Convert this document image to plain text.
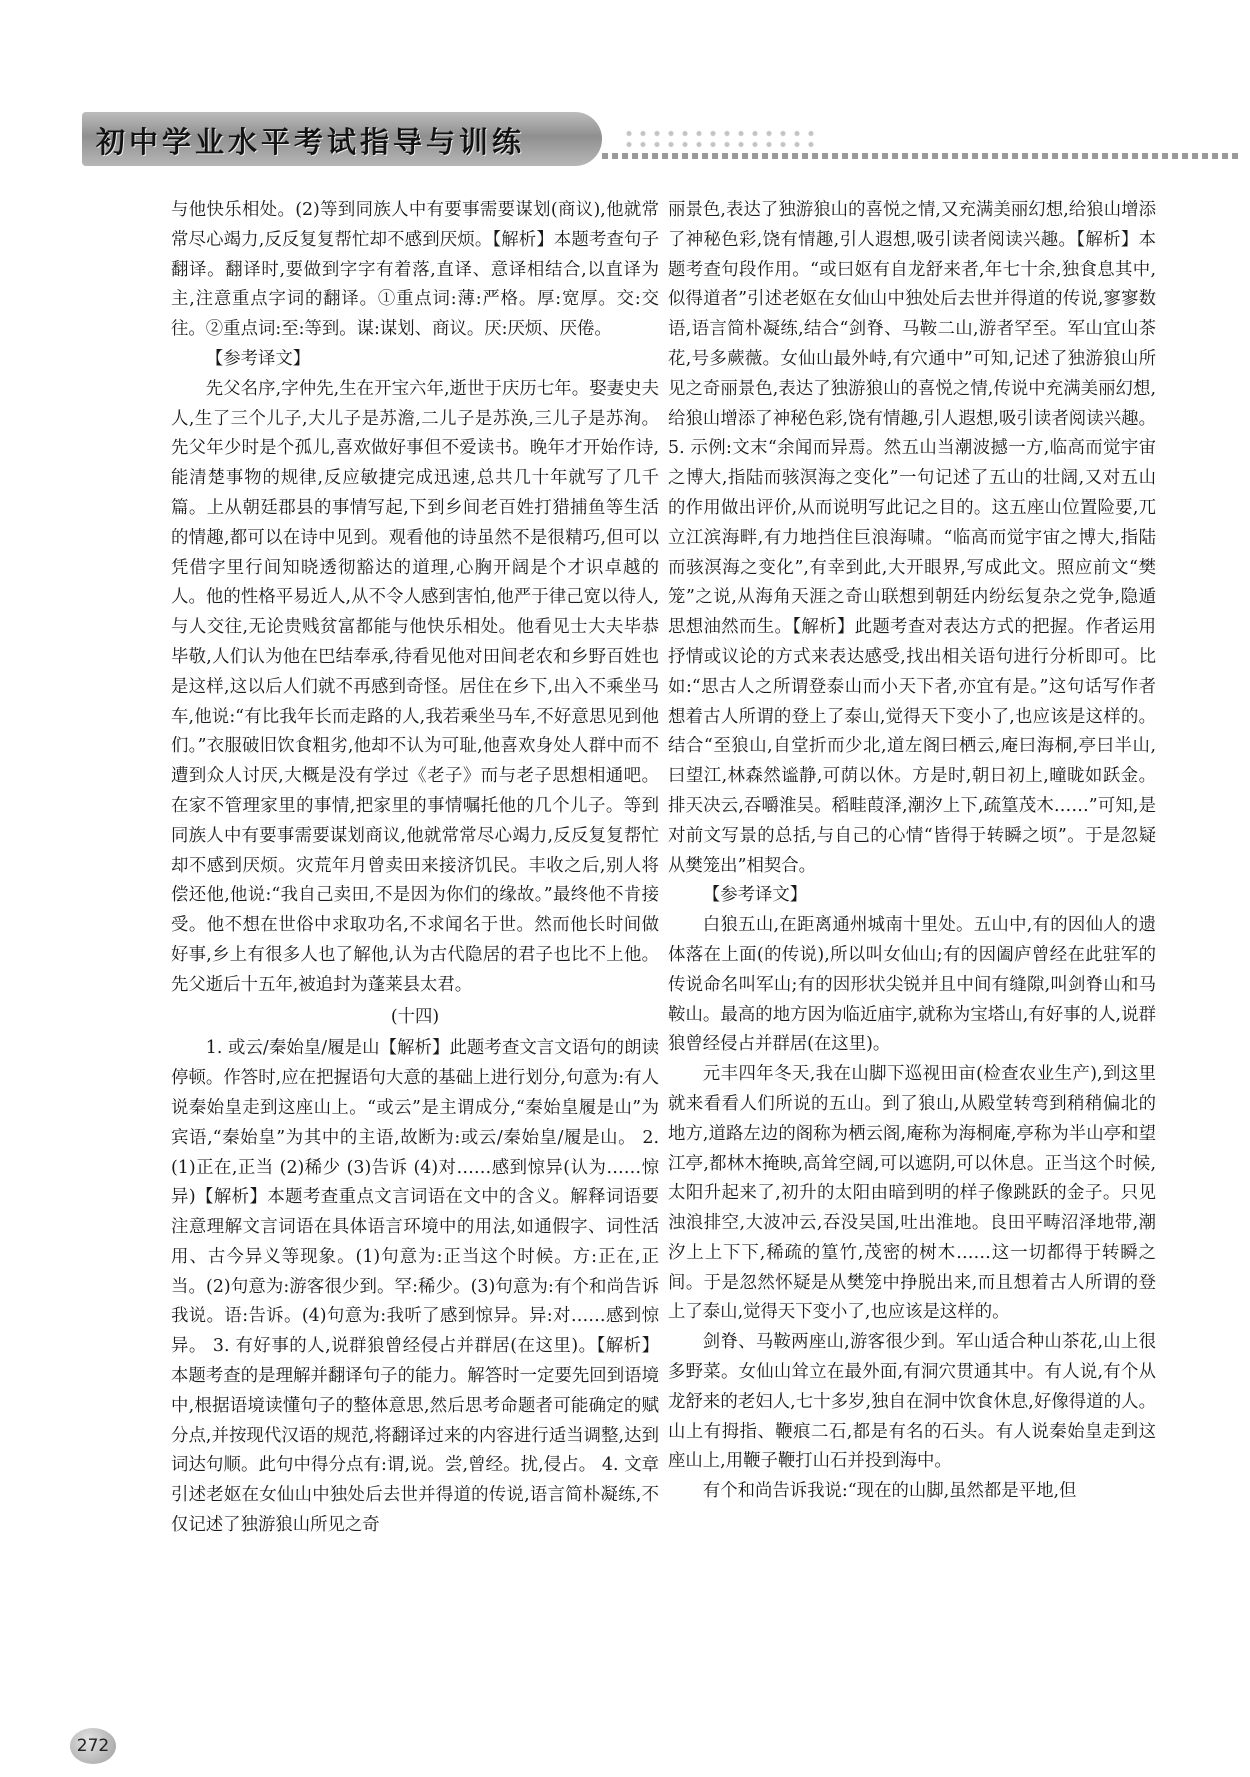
初中学业水平考试指导与训练

与他快乐相处。(2)等到同族人中有要事需要谋划(商议),他就常常尽心竭力,反反复复帮忙却不感到厌烦。【解析】本题考查句子翻译。翻译时,要做到字字有着落,直译、意译相结合,以直译为主,注意重点字词的翻译。①重点词:薄:严格。厚:宽厚。交:交往。②重点词:至:等到。谋:谋划、商议。厌:厌烦、厌倦。

【参考译文】

先父名序,字仲先,生在开宝六年,逝世于庆历七年。娶妻史夫人,生了三个儿子,大儿子是苏澹,二儿子是苏涣,三儿子是苏洵。先父年少时是个孤儿,喜欢做好事但不爱读书。晚年才开始作诗,能清楚事物的规律,反应敏捷完成迅速,总共几十年就写了几千篇。上从朝廷郡县的事情写起,下到乡间老百姓打猎捕鱼等生活的情趣,都可以在诗中见到。观看他的诗虽然不是很精巧,但可以凭借字里行间知晓透彻豁达的道理,心胸开阔是个才识卓越的人。他的性格平易近人,从不令人感到害怕,他严于律己宽以待人,与人交往,无论贵贱贫富都能与他快乐相处。他看见士大夫毕恭毕敬,人们认为他在巴结奉承,待看见他对田间老农和乡野百姓也是这样,这以后人们就不再感到奇怪。居住在乡下,出入不乘坐马车,他说:“有比我年长而走路的人,我若乘坐马车,不好意思见到他们。”衣服破旧饮食粗劣,他却不认为可耻,他喜欢身处人群中而不遭到众人讨厌,大概是没有学过《老子》而与老子思想相通吧。在家不管理家里的事情,把家里的事情嘱托他的几个儿子。等到同族人中有要事需要谋划商议,他就常常尽心竭力,反反复复帮忙却不感到厌烦。灾荒年月曾卖田来接济饥民。丰收之后,别人将偿还他,他说:“我自己卖田,不是因为你们的缘故。”最终他不肯接受。他不想在世俗中求取功名,不求闻名于世。然而他长时间做好事,乡上有很多人也了解他,认为古代隐居的君子也比不上他。先父逝后十五年,被追封为蓬莱县太君。

(十四)

1. 或云/秦始皇/履是山【解析】此题考查文言文语句的朗读停顿。作答时,应在把握语句大意的基础上进行划分,句意为:有人说秦始皇走到这座山上。“或云”是主谓成分,“秦始皇履是山”为宾语,“秦始皇”为其中的主语,故断为:或云/秦始皇/履是山。 2. (1)正在,正当 (2)稀少 (3)告诉 (4)对……感到惊异(认为……惊异)【解析】本题考查重点文言词语在文中的含义。解释词语要注意理解文言词语在具体语言环境中的用法,如通假字、词性活用、古今异义等现象。(1)句意为:正当这个时候。方:正在,正当。(2)句意为:游客很少到。罕:稀少。(3)句意为:有个和尚告诉我说。语:告诉。(4)句意为:我听了感到惊异。异:对……感到惊异。 3. 有好事的人,说群狼曾经侵占并群居(在这里)。【解析】本题考查的是理解并翻译句子的能力。解答时一定要先回到语境中,根据语境读懂句子的整体意思,然后思考命题者可能确定的赋分点,并按现代汉语的规范,将翻译过来的内容进行适当调整,达到词达句顺。此句中得分点有:谓,说。尝,曾经。扰,侵占。 4. 文章引述老妪在女仙山中独处后去世并得道的传说,语言简朴凝练,不仅记述了独游狼山所见之奇

丽景色,表达了独游狼山的喜悦之情,又充满美丽幻想,给狼山增添了神秘色彩,饶有情趣,引人遐想,吸引读者阅读兴趣。【解析】本题考查句段作用。“或曰妪有自龙舒来者,年七十余,独食息其中,似得道者”引述老妪在女仙山中独处后去世并得道的传说,寥寥数语,语言简朴凝练,结合“剑脊、马鞍二山,游者罕至。军山宜山茶花,号多蕨薇。女仙山最外峙,有穴通中”可知,记述了独游狼山所见之奇丽景色,表达了独游狼山的喜悦之情,传说中充满美丽幻想,给狼山增添了神秘色彩,饶有情趣,引人遐想,吸引读者阅读兴趣。 5. 示例:文末“余闻而异焉。然五山当潮波撼一方,临高而觉宇宙之博大,指陆而骇溟海之变化”一句记述了五山的壮阔,又对五山的作用做出评价,从而说明写此记之目的。这五座山位置险要,兀立江滨海畔,有力地挡住巨浪海啸。“临高而觉宇宙之博大,指陆而骇溟海之变化”,有幸到此,大开眼界,写成此文。照应前文“樊笼”之说,从海角天涯之奇山联想到朝廷内纷纭复杂之党争,隐遁思想油然而生。【解析】此题考查对表达方式的把握。作者运用抒情或议论的方式来表达感受,找出相关语句进行分析即可。比如:“思古人之所谓登泰山而小天下者,亦宜有是。”这句话写作者想着古人所谓的登上了泰山,觉得天下变小了,也应该是这样的。结合“至狼山,自堂折而少北,道左阁曰栖云,庵曰海桐,亭曰半山,曰望江,林森然谧静,可荫以休。方是时,朝日初上,曈昽如跃金。排天决云,吞嚼淮吴。稻畦葭泽,潮汐上下,疏篁茂木……”可知,是对前文写景的总括,与自己的心情“皆得于转瞬之顷”。于是忽疑从樊笼出”相契合。

【参考译文】

白狼五山,在距离通州城南十里处。五山中,有的因仙人的遗体落在上面(的传说),所以叫女仙山;有的因阖庐曾经在此驻军的传说命名叫军山;有的因形状尖锐并且中间有缝隙,叫剑脊山和马鞍山。最高的地方因为临近庙宇,就称为宝塔山,有好事的人,说群狼曾经侵占并群居(在这里)。

元丰四年冬天,我在山脚下巡视田亩(检查农业生产),到这里就来看看人们所说的五山。到了狼山,从殿堂转弯到稍稍偏北的地方,道路左边的阁称为栖云阁,庵称为海桐庵,亭称为半山亭和望江亭,都林木掩映,高耸空阔,可以遮阴,可以休息。正当这个时候,太阳升起来了,初升的太阳由暗到明的样子像跳跃的金子。只见浊浪排空,大波冲云,吞没吴国,吐出淮地。良田平畴沼泽地带,潮汐上上下下,稀疏的篁竹,茂密的树木……这一切都得于转瞬之间。于是忽然怀疑是从樊笼中挣脱出来,而且想着古人所谓的登上了泰山,觉得天下变小了,也应该是这样的。

剑脊、马鞍两座山,游客很少到。军山适合种山茶花,山上很多野菜。女仙山耸立在最外面,有洞穴贯通其中。有人说,有个从龙舒来的老妇人,七十多岁,独自在洞中饮食休息,好像得道的人。山上有拇指、鞭痕二石,都是有名的石头。有人说秦始皇走到这座山上,用鞭子鞭打山石并投到海中。

有个和尚告诉我说:“现在的山脚,虽然都是平地,但

272
